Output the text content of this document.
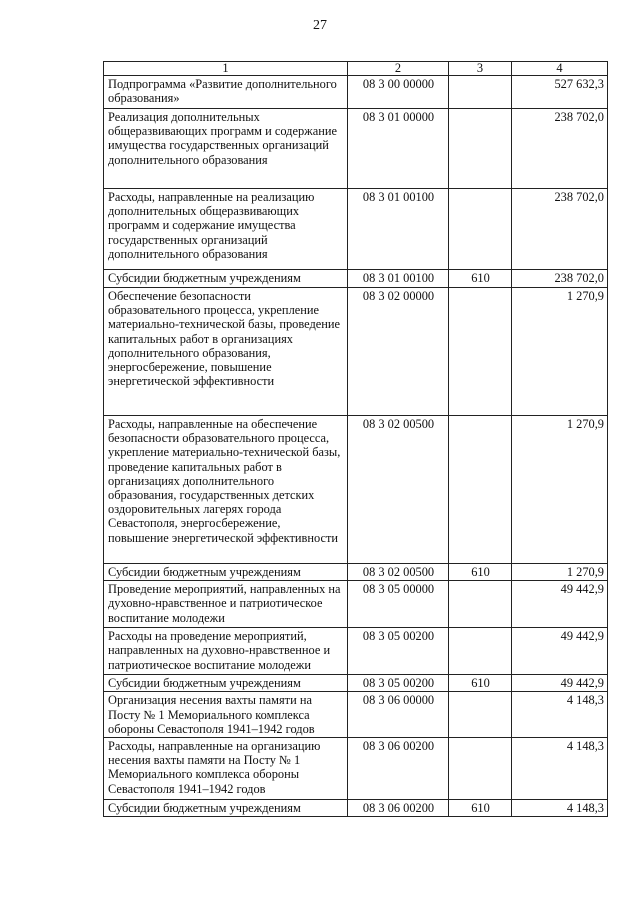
27
1	2	3	4
Подпрограмма «Развитие дополнительного образования»	08 3 00 00000		527 632,3
Реализация дополнительных общеразвивающих программ и содержание имущества государственных организаций дополнительного образования	08 3 01 00000		238 702,0
Расходы, направленные на реализацию дополнительных общеразвивающих программ и содержание имущества государственных организаций дополнительного образования	08 3 01 00100		238 702,0
Субсидии бюджетным учреждениям	08 3 01 00100	610	238 702,0
Обеспечение безопасности образовательного процесса, укрепление материально-технической базы, проведение капитальных работ в организациях дополнительного образования, энергосбережение, повышение энергетической эффективности	08 3 02 00000		1 270,9
Расходы, направленные на обеспечение безопасности образовательного процесса, укрепление материально-технической базы, проведение капитальных работ в организациях дополнительного образования, государственных детских оздоровительных лагерях города Севастополя, энергосбережение, повышение энергетической эффективности	08 3 02 00500		1 270,9
Субсидии бюджетным учреждениям	08 3 02 00500	610	1 270,9
Проведение мероприятий, направленных на духовно-нравственное и патриотическое воспитание молодежи	08 3 05 00000		49 442,9
Расходы на проведение мероприятий, направленных на духовно-нравственное и патриотическое воспитание молодежи	08 3 05 00200		49 442,9
Субсидии бюджетным учреждениям	08 3 05 00200	610	49 442,9
Организация несения вахты памяти на Посту № 1 Мемориального комплекса обороны Севастополя 1941–1942 годов	08 3 06 00000		4 148,3
Расходы, направленные на организацию несения вахты памяти на Посту № 1 Мемориального комплекса обороны Севастополя 1941–1942 годов	08 3 06 00200		4 148,3
Субсидии бюджетным учреждениям	08 3 06 00200	610	4 148,3
